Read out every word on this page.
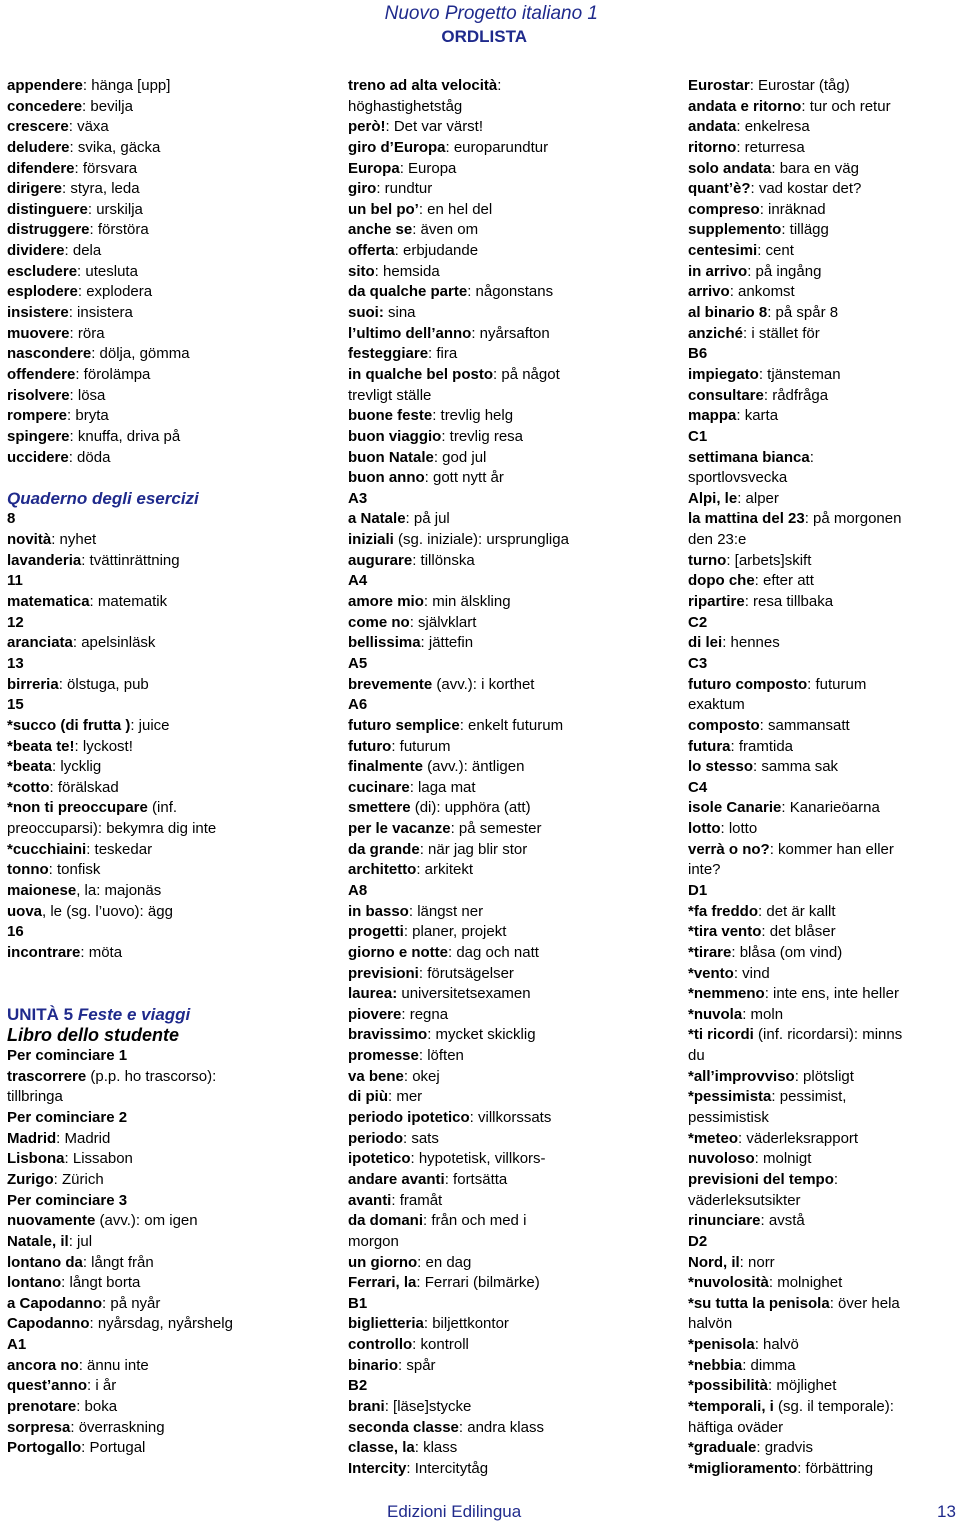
Nuovo Progetto italiano 1
ORDLISTA
appendere: hänga [upp]
concedere: bevilja
crescere: växa
deludere: svika, gäcka
difendere: försvara
dirigere: styra, leda
distinguere: urskilja
distruggere: förstöra
dividere: dela
escludere: utesluta
esplodere: explodera
insistere: insistera
muovere: röra
nascondere: dölja, gömma
offendere: förolämpa
risolvere: lösa
rompere: bryta
spingere: knuffa, driva på
uccidere: döda
Quaderno degli esercizi
8
novità: nyhet
lavanderia: tvättinrättning
11
matematica: matematik
12
aranciata: apelsinläsk
13
birreria: ölstuga, pub
15
*succo (di frutta ): juice
*beata te!: lyckost!
*beata: lycklig
*cotto: förälskad
*non ti preoccupare (inf.
preoccuparsi): bekymra dig inte
*cucchiaini: teskedar
tonno: tonfisk
maionese, la: majonäs
uova, le (sg. l’uovo): ägg
16
incontrare: möta
UNITÀ 5 Feste e viaggi
Libro dello studente
Per cominciare 1
trascorrere (p.p. ho trascorso):
tillbringa
Per cominciare 2
Madrid: Madrid
Lisbona: Lissabon
Zurigo: Zürich
Per cominciare 3
nuovamente (avv.): om igen
Natale, il: jul
lontano da: långt från
lontano: långt borta
a Capodanno: på nyår
Capodanno: nyårsdag, nyårshelg
A1
ancora no: ännu inte
quest’anno: i år
prenotare: boka
sorpresa: överraskning
Portogallo: Portugal
treno ad alta velocità:
höghastighetståg
però!: Det var värst!
giro d’Europa: europarundtur
Europa: Europa
giro: rundtur
un bel po’: en hel del
anche se: även om
offerta: erbjudande
sito: hemsida
da qualche parte: någonstans
suoi: sina
l’ultimo dell’anno: nyårsafton
festeggiare: fira
in qualche bel posto: på något
trevligt ställe
buone feste: trevlig helg
buon viaggio: trevlig resa
buon Natale: god jul
buon anno: gott nytt år
A3
a Natale: på jul
iniziali (sg. iniziale): ursprungliga
augurare: tillönska
A4
amore mio: min älskling
come no: självklart
bellissima: jättefin
A5
brevemente (avv.): i korthet
A6
futuro semplice: enkelt futurum
futuro: futurum
finalmente (avv.): äntligen
cucinare: laga mat
smettere (di): upphöra (att)
per le vacanze: på semester
da grande: när jag blir stor
architetto: arkitekt
A8
in basso: längst ner
progetti: planer, projekt
giorno e notte: dag och natt
previsioni: förutsägelser
laurea: universitetsexamen
piovere: regna
bravissimo: mycket skicklig
promesse: löften
va bene: okej
di più: mer
periodo ipotetico: villkorssats
periodo: sats
ipotetico: hypotetisk, villkors-
andare avanti: fortsätta
avanti: framåt
da domani: från och med i
morgon
un giorno: en dag
Ferrari, la: Ferrari (bilmärke)
B1
biglietteria: biljettkontor
controllo: kontroll
binario: spår
B2
brani: [läse]stycke
seconda classe: andra klass
classe, la: klass
Intercity: Intercitytåg
Eurostar: Eurostar (tåg)
andata e ritorno: tur och retur
andata: enkelresa
ritorno: returresa
solo andata: bara en väg
quant’è?: vad kostar det?
compreso: inräknad
supplemento: tillägg
centesimi: cent
in arrivo: på ingång
arrivo: ankomst
al binario 8: på spår 8
anziché: i stället för
B6
impiegato: tjänsteman
consultare: rådfråga
mappa: karta
C1
settimana bianca:
sportlovsvecka
Alpi, le: alper
la mattina del 23: på morgonen
den 23:e
turno: [arbets]skift
dopo che: efter att
ripartire: resa tillbaka
C2
di lei: hennes
C3
futuro composto: futurum
exaktum
composto: sammansatt
futura: framtida
lo stesso: samma sak
C4
isole Canarie: Kanarieöarna
lotto: lotto
verrà o no?: kommer han eller
inte?
D1
*fa freddo: det är kallt
*tira vento: det blåser
*tirare: blåsa (om vind)
*vento: vind
*nemmeno: inte ens, inte heller
*nuvola: moln
*ti ricordi (inf. ricordarsi): minns
du
*all’improvviso: plötsligt
*pessimista: pessimist,
pessimistisk
*meteo: väderleksrapport
nuvoloso: molnigt
previsioni del tempo:
väderleksutsikter
rinunciare: avstå
D2
Nord, il: norr
*nuvolosità: molnighet
*su tutta la penisola: över hela
halvön
*penisola: halvö
*nebbia: dimma
*possibilità: möjlighet
*temporali, i (sg. il temporale):
häftiga oväder
*graduale: gradvis
*miglioramento: förbättring
Edizioni Edilingua	13
